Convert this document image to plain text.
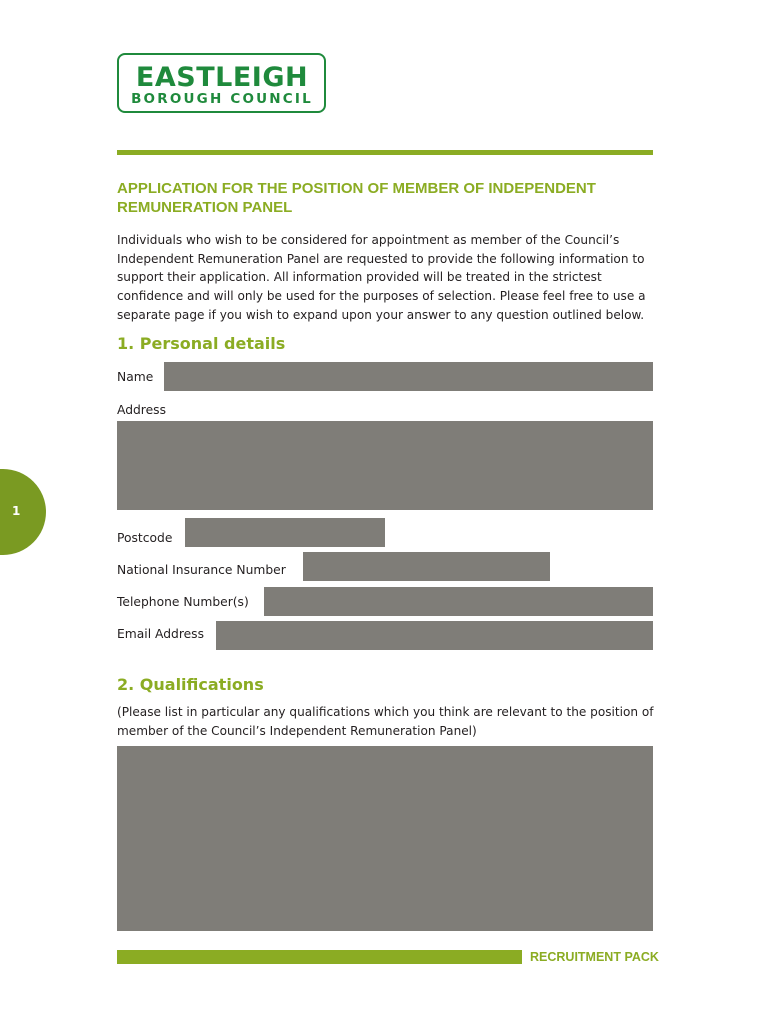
EASTLEIGH
BOROUGH COUNCIL
APPLICATION FOR THE POSITION OF MEMBER OF INDEPENDENT REMUNERATION PANEL
Individuals who wish to be considered for appointment as member of the Council’s Independent Remuneration Panel are requested to provide the following information to support their application. All information provided will be treated in the strictest confidence and will only be used for the purposes of selection. Please feel free to use a separate page if you wish to expand upon your answer to any question outlined below.
1. Personal details
Name
Address
1
Postcode
National Insurance Number
Telephone Number(s)
Email Address
2. Qualifications
(Please list in particular any qualifications which you think are relevant to the position of member of the Council’s Independent Remuneration Panel)
RECRUITMENT PACK
